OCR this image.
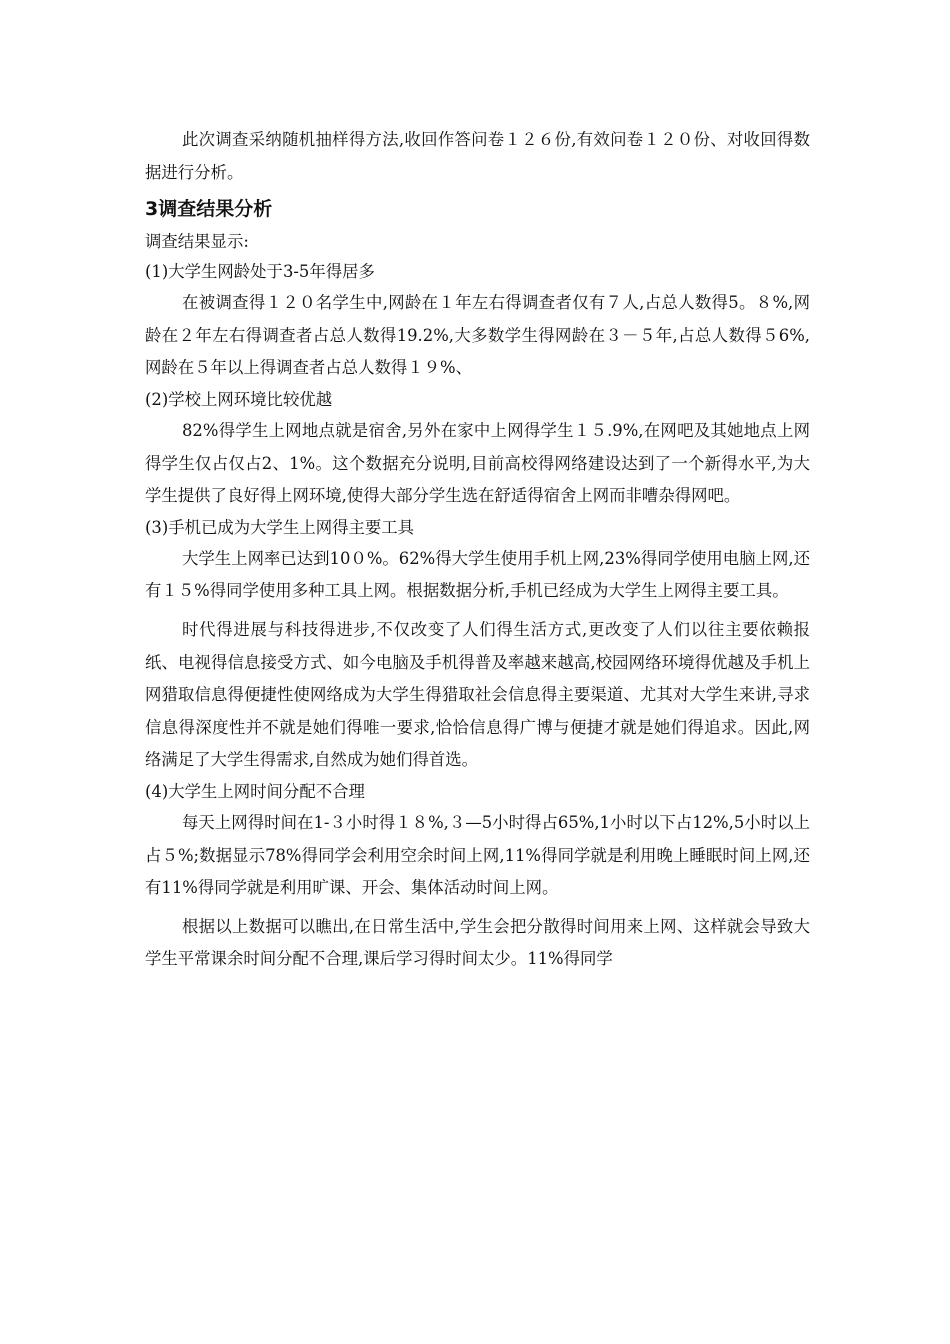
此次调查采纳随机抽样得方法,收回作答问卷１２６份,有效问卷１２０份、对收回得数据进行分析。

3调查结果分析

调查结果显示:

(1)大学生网龄处于3-5年得居多

在被调查得１２０名学生中,网龄在１年左右得调查者仅有７人,占总人数得5。８%,网龄在２年左右得调查者占总人数得19.2%,大多数学生得网龄在３－５年,占总人数得５6%,网龄在５年以上得调查者占总人数得１９%、

(2)学校上网环境比较优越

82%得学生上网地点就是宿舍,另外在家中上网得学生１５.9%,在网吧及其她地点上网得学生仅占仅占2、1%。这个数据充分说明,目前高校得网络建设达到了一个新得水平,为大学生提供了良好得上网环境,使得大部分学生选在舒适得宿舍上网而非嘈杂得网吧。

(3)手机已成为大学生上网得主要工具

大学生上网率已达到10０%。62%得大学生使用手机上网,23%得同学使用电脑上网,还有１５%得同学使用多种工具上网。根据数据分析,手机已经成为大学生上网得主要工具。

时代得进展与科技得进步,不仅改变了人们得生活方式,更改变了人们以往主要依赖报纸、电视得信息接受方式、如今电脑及手机得普及率越来越高,校园网络环境得优越及手机上网猎取信息得便捷性使网络成为大学生得猎取社会信息得主要渠道、尤其对大学生来讲,寻求信息得深度性并不就是她们得唯一要求,恰恰信息得广博与便捷才就是她们得追求。因此,网络满足了大学生得需求,自然成为她们得首选。

(4)大学生上网时间分配不合理

每天上网得时间在1-３小时得１８%,３—5小时得占65%,1小时以下占12%,5小时以上占５%;数据显示78%得同学会利用空余时间上网,11%得同学就是利用晚上睡眠时间上网,还有11%得同学就是利用旷课、开会、集体活动时间上网。

根据以上数据可以瞧出,在日常生活中,学生会把分散得时间用来上网、这样就会导致大学生平常课余时间分配不合理,课后学习得时间太少。11%得同学
